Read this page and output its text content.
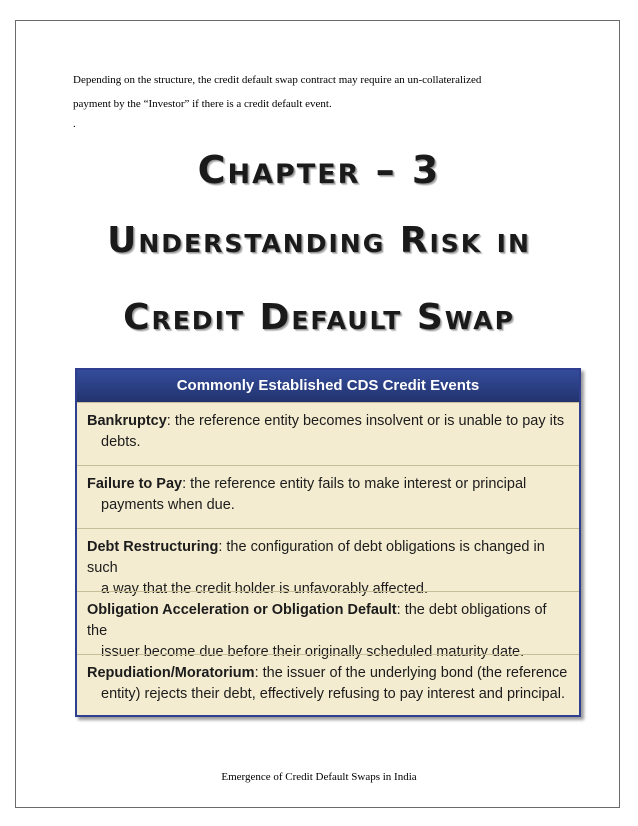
Depending on the structure, the credit default swap contract may require an un-collateralized

payment by the “Investor” if there is a credit default event.

.
Chapter – 3
Understanding Risk in
Credit Default Swap
Commonly Established CDS Credit Events
Bankruptcy: the reference entity becomes insolvent or is unable to pay its
debts.
Failure to Pay: the reference entity fails to make interest or principal
payments when due.
Debt Restructuring: the configuration of debt obligations is changed in such
a way that the credit holder is unfavorably affected.
Obligation Acceleration or Obligation Default: the debt obligations of the
issuer become due before their originally scheduled maturity date.
Repudiation/Moratorium: the issuer of the underlying bond (the reference
entity) rejects their debt, effectively refusing to pay interest and principal.
Emergence of Credit Default Swaps in India
